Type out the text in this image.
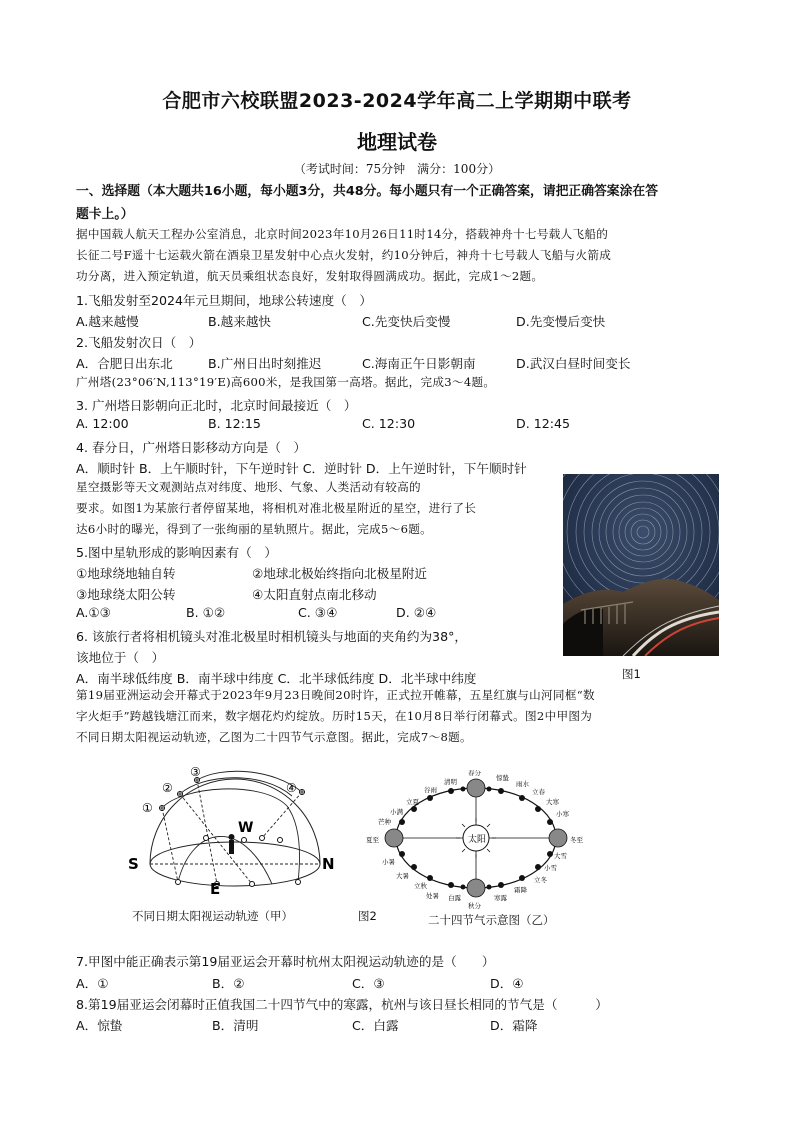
合肥市六校联盟2023-2024学年高二上学期期中联考
地理试卷
（考试时间：75分钟　满分：100分）
一、选择题（本大题共16小题，每小题3分，共48分。每小题只有一个正确答案，请把正确答案涂在答
题卡上。）
据中国载人航天工程办公室消息，北京时间2023年10月26日11时14分，搭载神舟十七号载人飞船的
长征二号F遥十七运载火箭在酒泉卫星发射中心点火发射，约10分钟后，神舟十七号载人飞船与火箭成
功分离，进入预定轨道，航天员乘组状态良好，发射取得圆满成功。据此，完成1～2题。
1.飞船发射至2024年元旦期间，地球公转速度（　）
A.越来越慢	B.越来越快	C.先变快后变慢	D.先变慢后变快
2.飞船发射次日（　）
A．合肥日出东北	B.广州日出时刻推迟	C.海南正午日影朝南	D.武汉白昼时间变长
广州塔(23°06′N,113°19′E)高600米，是我国第一高塔。据此，完成3～4题。
3. 广州塔日影朝向正北时，北京时间最接近（　）
A. 12:00	B. 12:15	C. 12:30	D. 12:45
4. 春分日，广州塔日影移动方向是（　）
A．顺时针 B．上午顺时针，下午逆时针 C．逆时针 D．上午逆时针，下午顺时针
星空摄影等天文观测站点对纬度、地形、气象、人类活动有较高的
要求。如图1为某旅行者停留某地，将相机对准北极星附近的星空，进行了长
达6小时的曝光，得到了一张绚丽的星轨照片。据此，完成5～6题。
5.图中星轨形成的影响因素有（　）
①地球绕地轴自转	②地球北极始终指向北极星附近
③地球绕太阳公转	④太阳直射点南北移动
A.①③	B. ①②	C. ③④	D. ②④
6. 该旅行者将相机镜头对准北极星时相机镜头与地面的夹角约为38°，
该地位于（　）
A．南半球低纬度 B．南半球中纬度 C．北半球低纬度 D．北半球中纬度	图1
第19届亚洲运动会开幕式于2023年9月23日晚间20时许，正式拉开帷幕，五星红旗与山河同框“数
字火炬手”跨越钱塘江而来，数字烟花灼灼绽放。历时15天，在10月8日举行闭幕式。图2中甲图为
不同日期太阳视运动轨迹，乙图为二十四节气示意图。据此，完成7～8题。
①
②
③
④
S	N
E
W
不同日期太阳视运动轨迹（甲）	图2	二十四节气示意图（乙）
太阳
春分
清明
谷雨
立夏
小满
芒种
夏至
小暑
大暑
立秋
处暑 白露
秋分
寒露
霜降
立冬
小雪
大雪
冬至
小寒
大寒
立春
雨水
惊蛰
7.甲图中能正确表示第19届亚运会开幕时杭州太阳视运动轨迹的是（　　）
A．①	B．②	C．③	D．④
8.第19届亚运会闭幕时正值我国二十四节气中的寒露，杭州与该日昼长相同的节气是（　　　）
A．惊蛰	B．清明	C．白露	D．霜降
